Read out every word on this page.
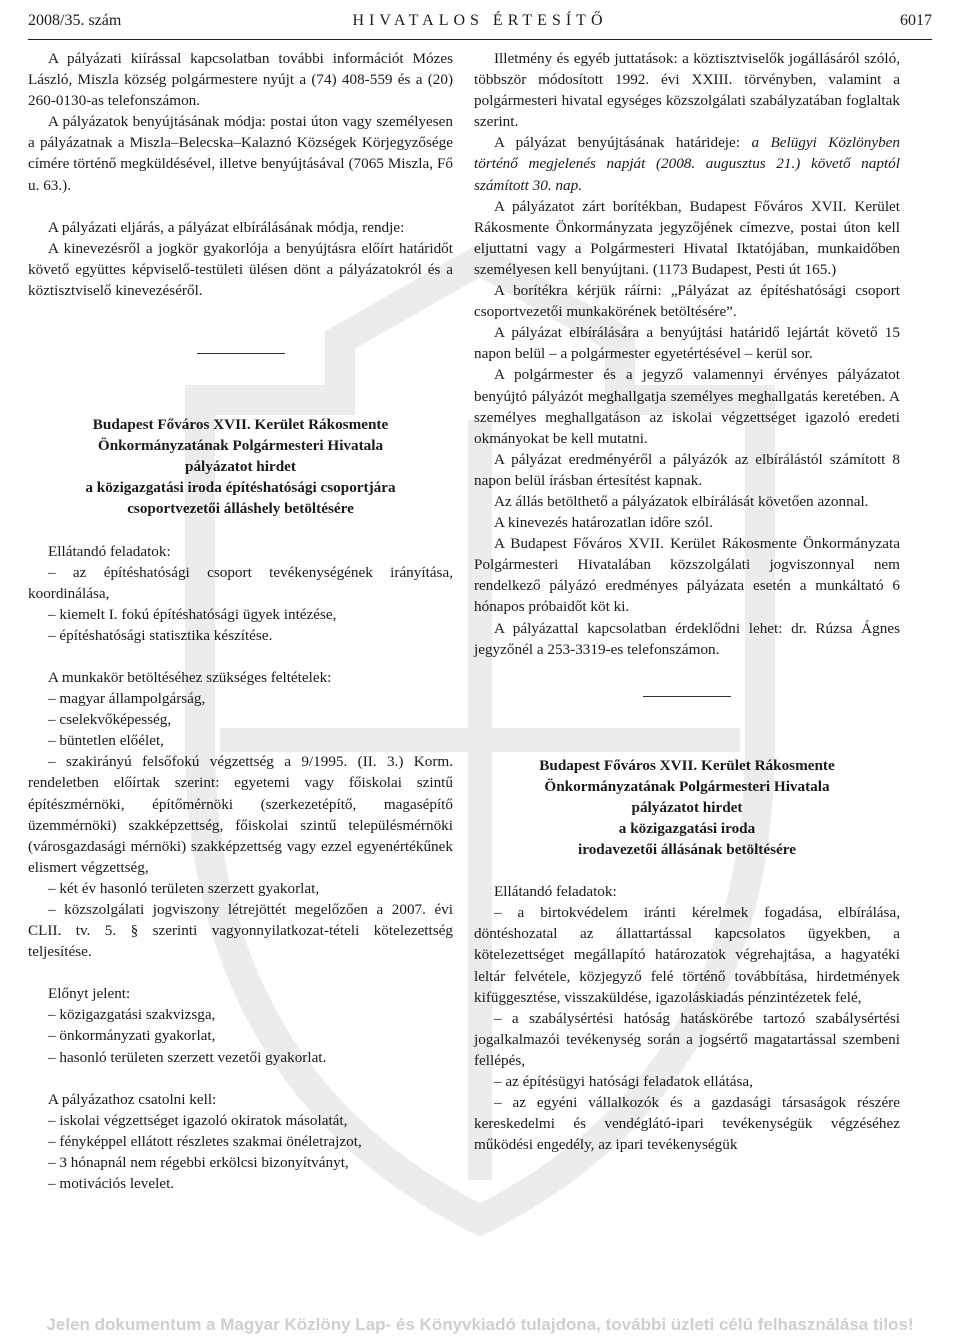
2008/35. szám	HIVATALOS ÉRTESÍTŐ	6017

A pályázati kiírással kapcsolatban további információt Mózes László, Miszla község polgármestere nyújt a (74) 408-559 és a (20) 260-0130-as telefonszámon.

A pályázatok benyújtásának módja: postai úton vagy személyesen a pályázatnak a Miszla–Belecska–Kalaznó Községek Körjegyzősége címére történő megküldésével, illetve benyújtásával (7065 Miszla, Fő u. 63.).

A pályázati eljárás, a pályázat elbírálásának módja, rendje:

A kinevezésről a jogkör gyakorlója a benyújtásra előírt határidőt követő együttes képviselő-testületi ülésen dönt a pályázatokról és a köztisztviselő kinevezéséről.

Budapest Főváros XVII. Kerület Rákosmente
Önkormányzatának Polgármesteri Hivatala
pályázatot hirdet
a közigazgatási iroda építéshatósági csoportjára
csoportvezetői álláshely betöltésére

Ellátandó feladatok:

– az építéshatósági csoport tevékenységének irányítása, koordinálása,

– kiemelt I. fokú építéshatósági ügyek intézése,

– építéshatósági statisztika készítése.

A munkakör betöltéséhez szükséges feltételek:

– magyar állampolgárság,

– cselekvőképesség,

– büntetlen előélet,

– szakirányú felsőfokú végzettség a 9/1995. (II. 3.) Korm. rendeletben előírtak szerint: egyetemi vagy főiskolai szintű építészmérnöki, építőmérnöki (szerkezetépítő, magasépítő üzemmérnöki) szakképzettség, főiskolai szintű településmérnöki (városgazdasági mérnöki) szakképzettség vagy ezzel egyenértékűnek elismert végzettség,

– két év hasonló területen szerzett gyakorlat,

– közszolgálati jogviszony létrejöttét megelőzően a 2007. évi CLII. tv. 5. § szerinti vagyonnyilatkozat-tételi kötelezettség teljesítése.

Előnyt jelent:

– közigazgatási szakvizsga,

– önkormányzati gyakorlat,

– hasonló területen szerzett vezetői gyakorlat.

A pályázathoz csatolni kell:

– iskolai végzettséget igazoló okiratok másolatát,

– fényképpel ellátott részletes szakmai önéletrajzot,

– 3 hónapnál nem régebbi erkölcsi bizonyítványt,

– motivációs levelet.

Illetmény és egyéb juttatások: a köztisztviselők jogállásáról szóló, többször módosított 1992. évi XXIII. törvényben, valamint a polgármesteri hivatal egységes közszolgálati szabályzatában foglaltak szerint.

A pályázat benyújtásának határideje: a Belügyi Közlönyben történő megjelenés napját (2008. augusztus 21.) követő naptól számított 30. nap.

A pályázatot zárt borítékban, Budapest Főváros XVII. Kerület Rákosmente Önkormányzata jegyzőjének címezve, postai úton kell eljuttatni vagy a Polgármesteri Hivatal Iktatójában, munkaidőben személyesen kell benyújtani. (1173 Budapest, Pesti út 165.)

A borítékra kérjük ráírni: „Pályázat az építéshatósági csoport csoportvezetői munkakörének betöltésére”.

A pályázat elbírálására a benyújtási határidő lejártát követő 15 napon belül – a polgármester egyetértésével – kerül sor.

A polgármester és a jegyző valamennyi érvényes pályázatot benyújtó pályázót meghallgatja személyes meghallgatás keretében. A személyes meghallgatáson az iskolai végzettséget igazoló eredeti okmányokat be kell mutatni.

A pályázat eredményéről a pályázók az elbírálástól számított 8 napon belül írásban értesítést kapnak.

Az állás betölthető a pályázatok elbírálását követően azonnal.

A kinevezés határozatlan időre szól.

A Budapest Főváros XVII. Kerület Rákosmente Önkormányzata Polgármesteri Hivatalában közszolgálati jogviszonnyal nem rendelkező pályázó eredményes pályázata esetén a munkáltató 6 hónapos próbaidőt köt ki.

A pályázattal kapcsolatban érdeklődni lehet: dr. Rúzsa Ágnes jegyzőnél a 253-3319-es telefonszámon.

Budapest Főváros XVII. Kerület Rákosmente
Önkormányzatának Polgármesteri Hivatala
pályázatot hirdet
a közigazgatási iroda
irodavezetői állásának betöltésére

Ellátandó feladatok:

– a birtokvédelem iránti kérelmek fogadása, elbírálása, döntéshozatal az állattartással kapcsolatos ügyekben, a kötelezettséget megállapító határozatok végrehajtása, a hagyatéki leltár felvétele, közjegyző felé történő továbbítása, hirdetmények kifüggesztése, visszaküldése, igazoláskiadás pénzintézetek felé,

– a szabálysértési hatóság hatáskörébe tartozó szabálysértési jogalkalmazói tevékenység során a jogsértő magatartással szembeni fellépés,

– az építésügyi hatósági feladatok ellátása,

– az egyéni vállalkozók és a gazdasági társaságok részére kereskedelmi és vendéglátó-ipari tevékenységük végzéséhez működési engedély, az ipari tevékenységük

Jelen dokumentum a Magyar Közlöny Lap- és Könyvkiadó tulajdona, további üzleti célú felhasználása tilos!
